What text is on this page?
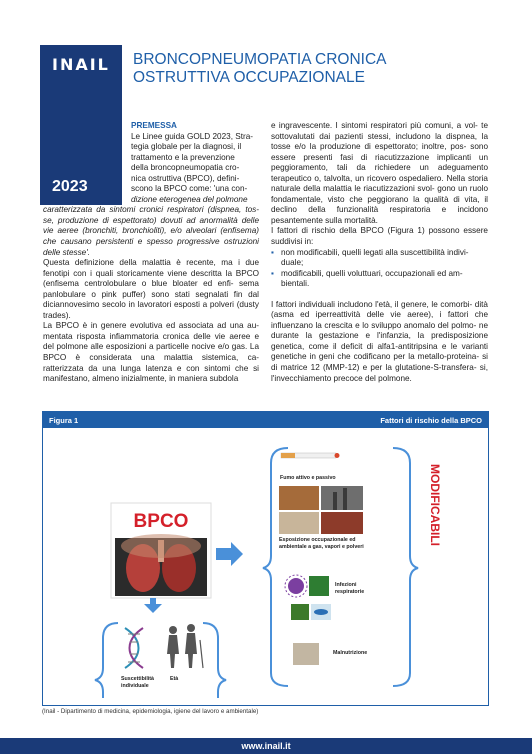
INAIL
2023
BRONCOPNEUMOPATIA CRONICA
OSTRUTTIVA OCCUPAZIONALE
PREMESSA
Le Linee guida GOLD 2023, Stra-
tegia globale per la diagnosi, il
trattamento e la prevenzione
della broncopneumopatia cro-
nica ostruttiva (BPCO), defini-
scono la BPCO come: 'una con-
dizione eterogenea del polmone

caratterizzata da sintomi cronici respiratori (dispnea, tos- se, produzione di espettorato) dovuti ad anormalità delle vie aeree (bronchiti, bronchioliti), e/o alveolari (enfisema) che causano persistenti e spesso progressive ostruzioni delle stesse'.

Questa definizione della malattia è recente, ma i due fenotipi con i quali storicamente viene descritta la BPCO (enfisema centrolobulare o blue bloater ed enfi- sema panlobulare o pink puffer) sono stati segnalati fin dal diciannovesimo secolo in lavoratori esposti a polveri (dusty trades).

La BPCO è in genere evolutiva ed associata ad una au- mentata risposta infiammatoria cronica delle vie aeree e del polmone alle esposizioni a particelle nocive e/o gas. La BPCO è considerata una malattia sistemica, ca- ratterizzata da una lunga latenza e con sintomi che si manifestano, almeno inizialmente, in maniera subdola

e ingravescente. I sintomi respiratori più comuni, a vol- te sottovalutati dai pazienti stessi, includono la dispnea, la tosse e/o la produzione di espettorato; inoltre, pos- sono essere presenti fasi di riacutizzazione implicanti un peggioramento, tali da richiedere un adeguamento terapeutico o, talvolta, un ricovero ospedaliero. Nella storia naturale della malattia le riacutizzazioni svol- gono un ruolo fondamentale, visto che peggiorano la qualità di vita, il declino della funzionalità respiratoria e incidono pesantemente sulla mortalità.

I fattori di rischio della BPCO (Figura 1) possono essere suddivisi in:

▪ non modificabili, quelli legati alla suscettibilità indivi- duale;
▪ modificabili, quelli voluttuari, occupazionali ed am- bientali.

I fattori individuali includono l'età, il genere, le comorbi- dità (asma ed iperreattività delle vie aeree), i fattori che influenzano la crescita e lo sviluppo anomalo del polmo- ne durante la gestazione e l'infanzia, la predisposizione genetica, come il deficit di alfa1-antitripsina e le varianti genetiche in geni che codificano per la metallo-proteina- si di matrice 12 (MMP-12) e per la glutatione-S-transfera- si, l'invecchiamento precoce del polmone.

Figura 1	Fattori di rischio della BPCO
BPCO	MODIFICABILI
Suscettibilità individuale
Età
Fumo attivo e passivo
Esposizione occupazionale ed ambientale a gas, vapori e polveri
Infezioni respiratorie
Malnutrizione
(Inail - Dipartimento di medicina, epidemiologia, igiene del lavoro e ambientale)
www.inail.it
